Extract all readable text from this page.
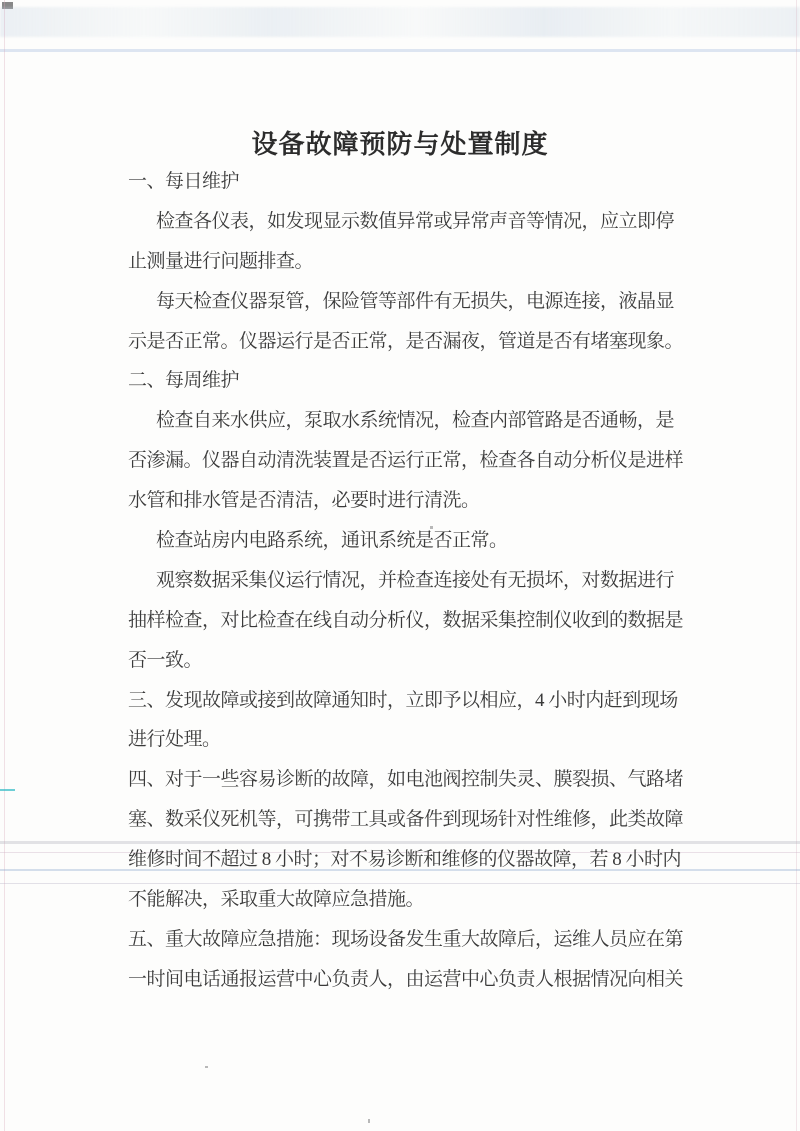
设备故障预防与处置制度
一、每日维护
检查各仪表，如发现显示数值异常或异常声音等情况，应立即停
止测量进行问题排查。
每天检查仪器泵管，保险管等部件有无损失，电源连接，液晶显
示是否正常。仪器运行是否正常，是否漏夜，管道是否有堵塞现象。
二、每周维护
检查自来水供应，泵取水系统情况，检查内部管路是否通畅，是
否渗漏。仪器自动清洗装置是否运行正常，检查各自动分析仪是进样
水管和排水管是否清洁，必要时进行清洗。
检查站房内电路系统，通讯系统是否正常。
观察数据采集仪运行情况，并检查连接处有无损坏，对数据进行
抽样检查，对比检查在线自动分析仪，数据采集控制仪收到的数据是
否一致。
三、发现故障或接到故障通知时，立即予以相应，4 小时内赶到现场
进行处理。
四、对于一些容易诊断的故障，如电池阀控制失灵、膜裂损、气路堵
塞、数采仪死机等，可携带工具或备件到现场针对性维修，此类故障
维修时间不超过 8 小时；对不易诊断和维修的仪器故障，若 8 小时内
不能解决，采取重大故障应急措施。
五、重大故障应急措施：现场设备发生重大故障后，运维人员应在第
一时间电话通报运营中心负责人，由运营中心负责人根据情况向相关
